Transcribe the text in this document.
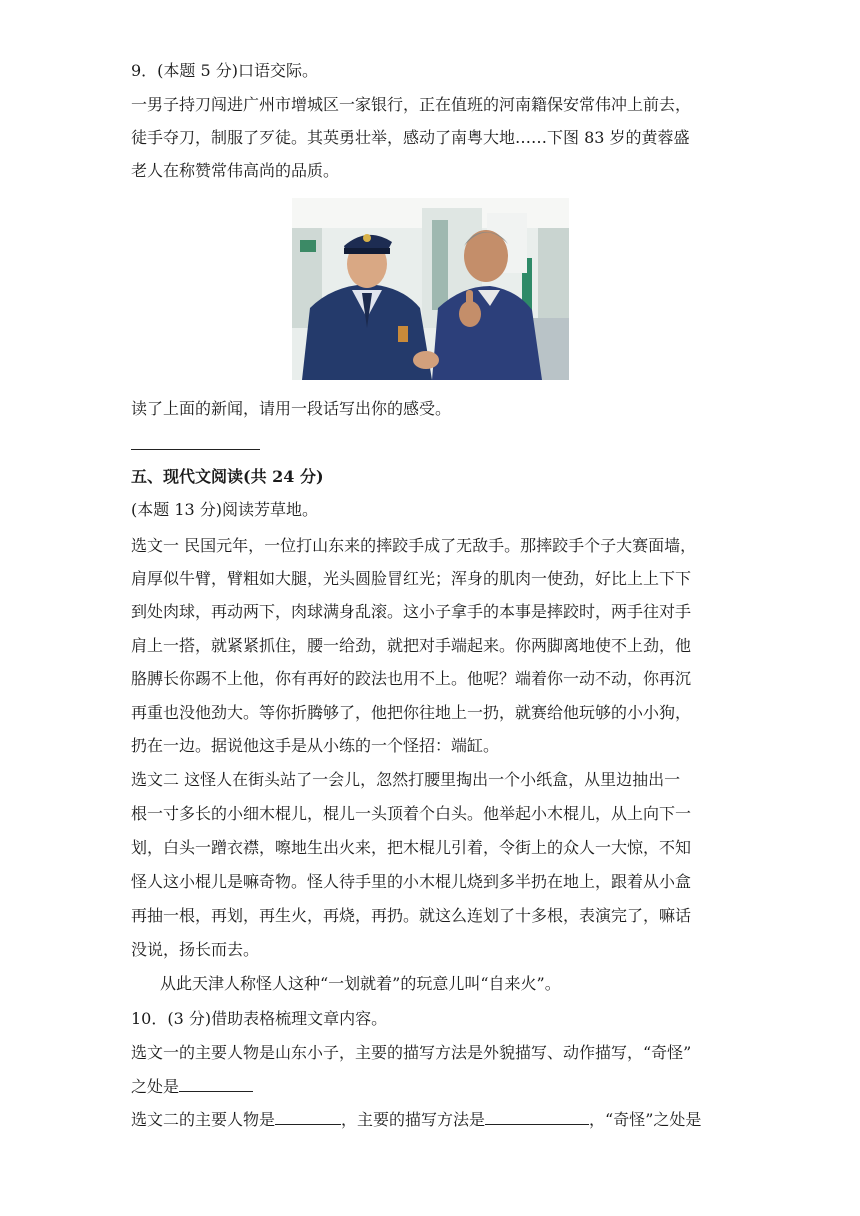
9．(本题 5 分)口语交际。
一男子持刀闯进广州市增城区一家银行，正在值班的河南籍保安常伟冲上前去，
徒手夺刀，制服了歹徒。其英勇壮举，感动了南粤大地……下图 83 岁的黄蓉盛
老人在称赞常伟高尚的品质。
读了上面的新闻，请用一段话写出你的感受。
五、现代文阅读(共 24 分)
(本题 13 分)阅读芳草地。
选文一 民国元年，一位打山东来的摔跤手成了无敌手。那摔跤手个子大赛面墙，
肩厚似牛臂，臂粗如大腿，光头圆脸冒红光；浑身的肌肉一使劲，好比上上下下
到处肉球，再动两下，肉球满身乱滚。这小子拿手的本事是摔跤时，两手往对手
肩上一搭，就紧紧抓住，腰一给劲，就把对手端起来。你两脚离地使不上劲，他
胳膊长你踢不上他，你有再好的跤法也用不上。他呢？端着你一动不动，你再沉
再重也没他劲大。等你折腾够了，他把你往地上一扔，就赛给他玩够的小小狗，
扔在一边。据说他这手是从小练的一个怪招：端缸。
选文二 这怪人在街头站了一会儿，忽然打腰里掏出一个小纸盒，从里边抽出一
根一寸多长的小细木棍儿，棍儿一头顶着个白头。他举起小木棍儿，从上向下一
划，白头一蹭衣襟，嚓地生出火来，把木棍儿引着，令街上的众人一大惊，不知
怪人这小棍儿是嘛奇物。怪人待手里的小木棍儿烧到多半扔在地上，跟着从小盒
再抽一根，再划，再生火，再烧，再扔。就这么连划了十多根，表演完了，嘛话
没说，扬长而去。
从此天津人称怪人这种“一划就着”的玩意儿叫“自来火”。
10．(3 分)借助表格梳理文章内容。
选文一的主要人物是山东小子，主要的描写方法是外貌描写、动作描写，“奇怪”
之处是
选文二的主要人物是	，主要的描写方法是	，“奇怪”之处是
